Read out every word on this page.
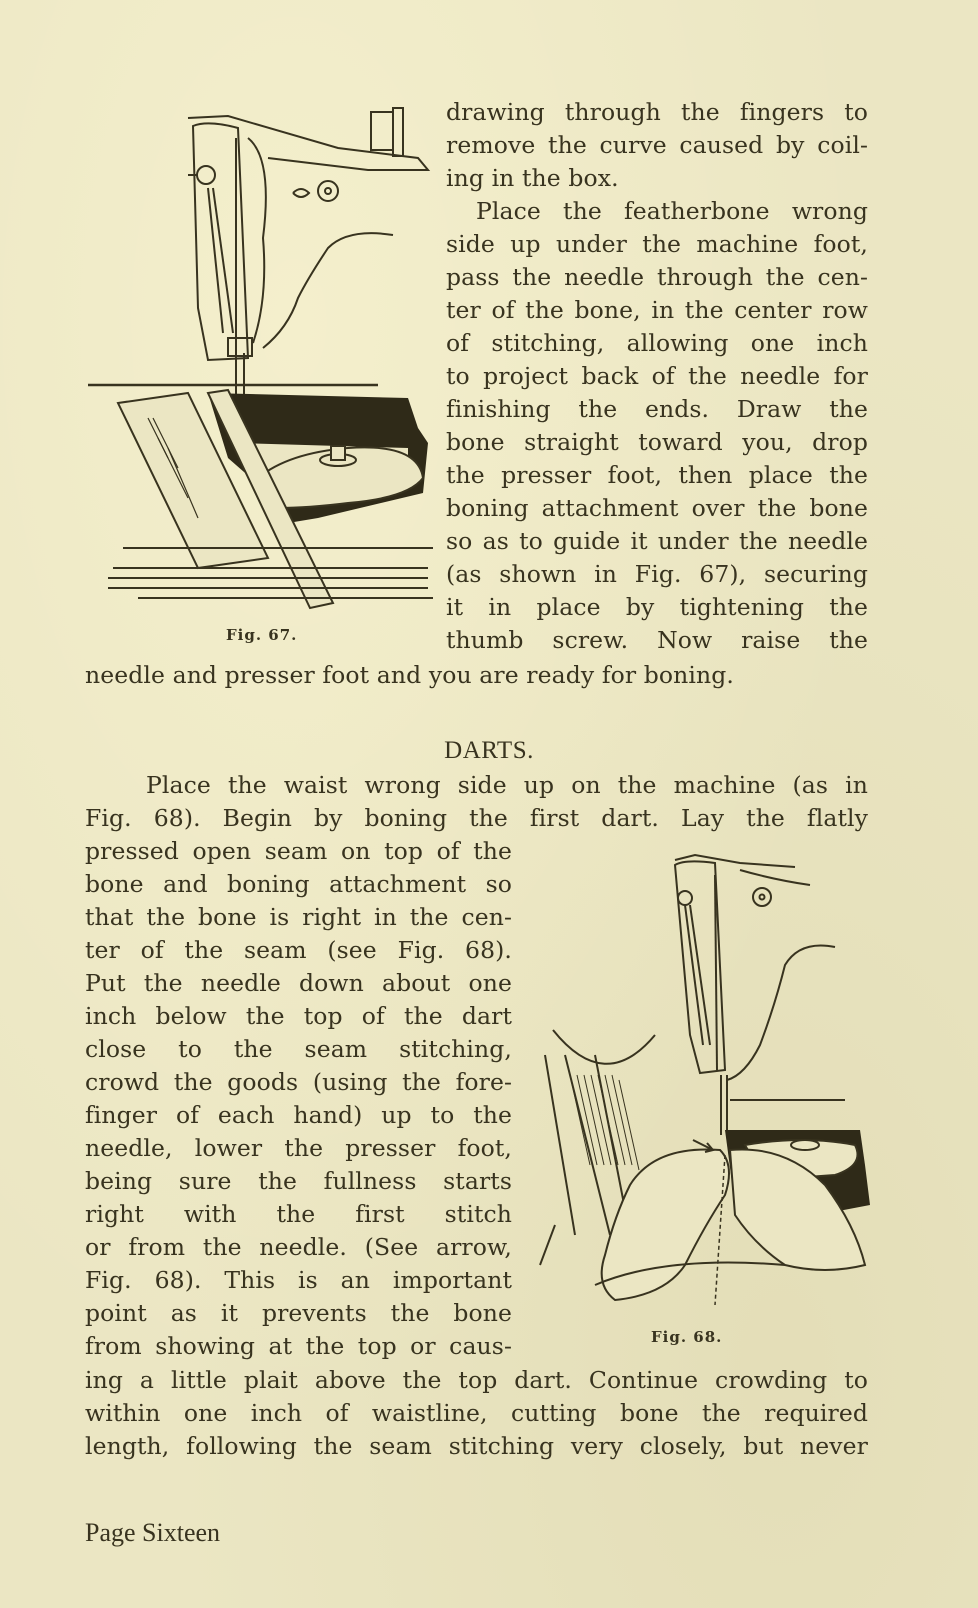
Fig. 67.
drawing through the fingers to
remove the curve caused by coil-
ing in the box.
Place the featherbone wrong
side up under the machine foot,
pass the needle through the cen-
ter of the bone, in the center row
of stitching, allowing one inch
to project back of the needle for
finishing the ends. Draw the
bone straight toward you, drop
the presser foot, then place the
boning attachment over the bone
so as to guide it under the needle
(as shown in Fig. 67), securing
it in place by tightening the
thumb screw. Now raise the
needle and presser foot and you are ready for boning.
DARTS.
Fig. 68.
Place the waist wrong side up on the machine (as in
Fig. 68). Begin by boning the first dart. Lay the flatly
pressed open seam on top of the
bone and boning attachment so
that the bone is right in the cen-
ter of the seam (see Fig. 68).
Put the needle down about one
inch below the top of the dart
close to the seam stitching,
crowd the goods (using the fore-
finger of each hand) up to the
needle, lower the presser foot,
being sure the fullness starts
right with the first stitch
or from the needle. (See arrow,
Fig. 68). This is an important
point as it prevents the bone
from showing at the top or caus-
ing a little plait above the top dart. Continue crowding to
within one inch of waistline, cutting bone the required
length, following the seam stitching very closely, but never
Page Sixteen
